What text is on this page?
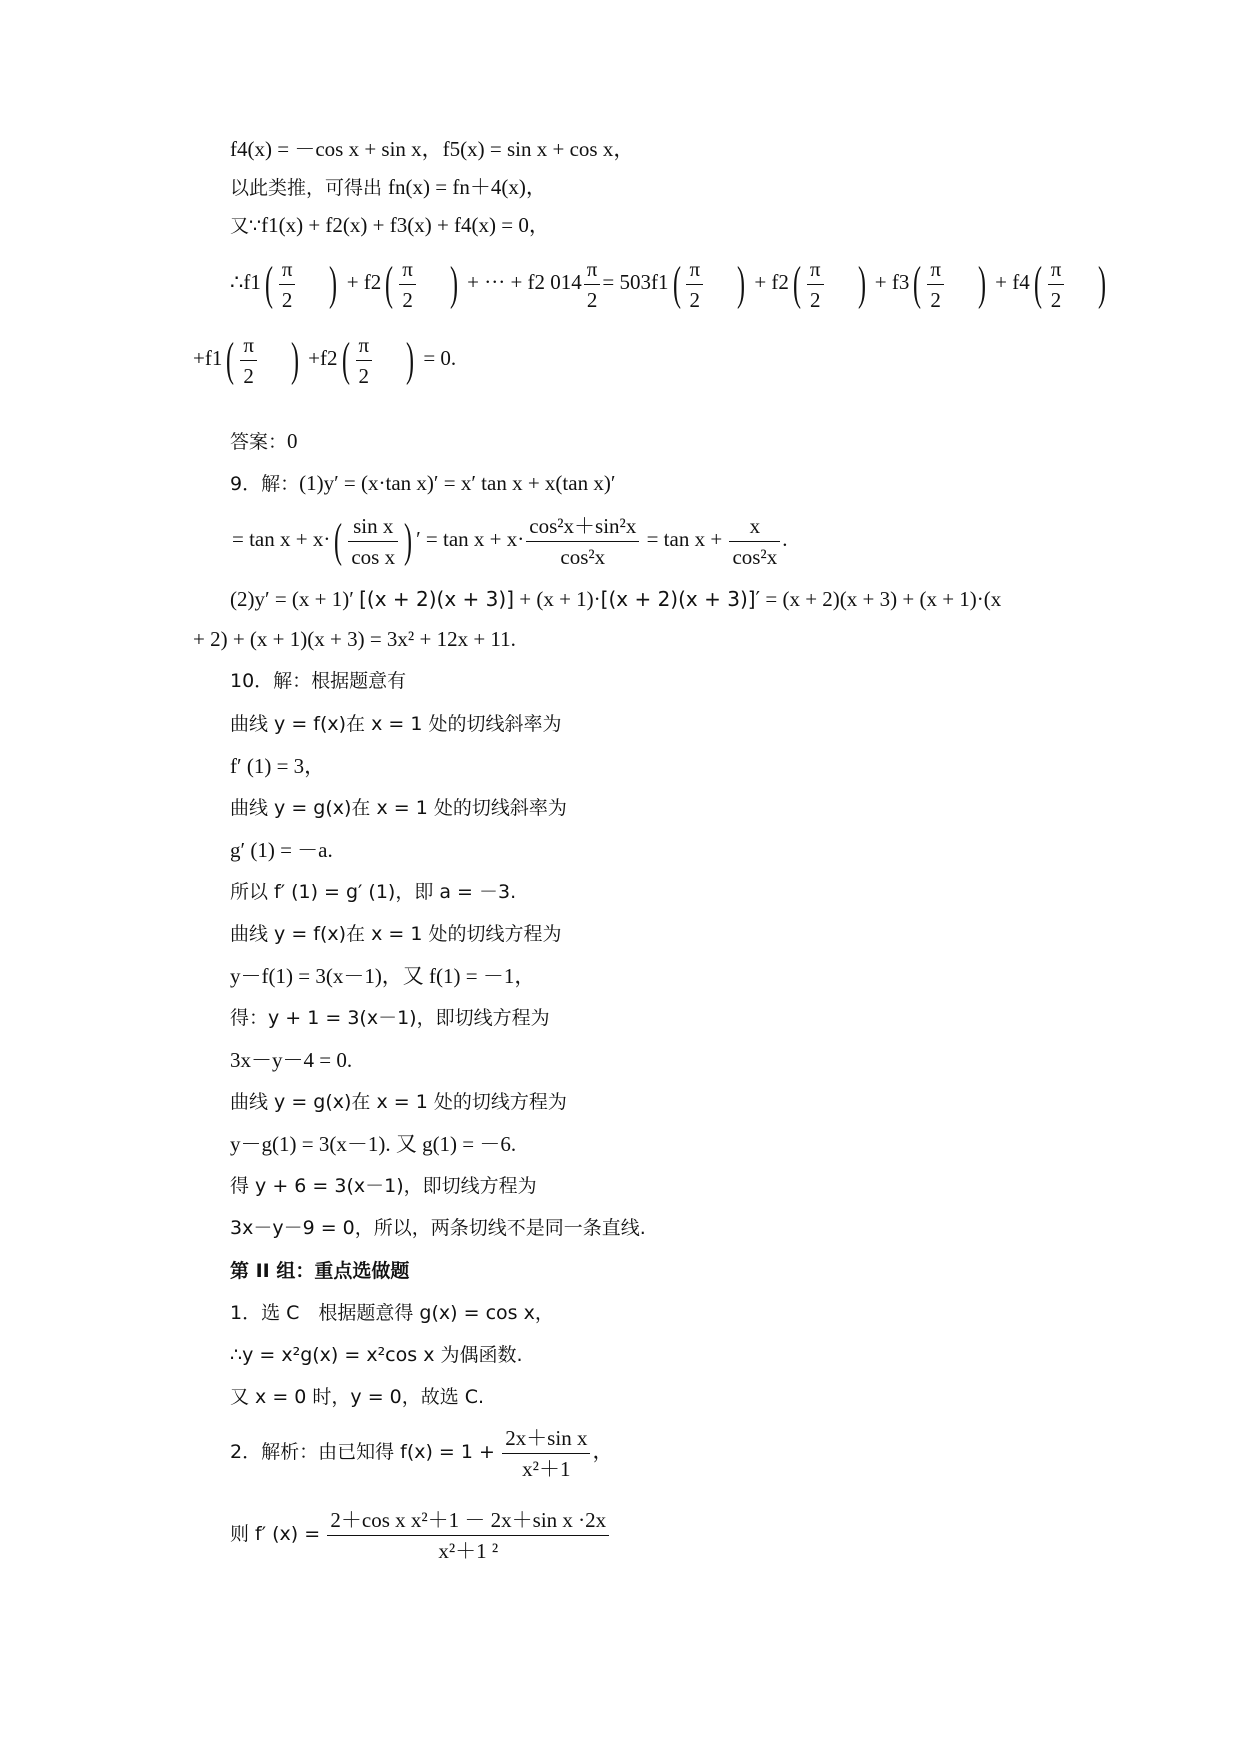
f4(x) = －cos x + sin x，f5(x) = sin x + cos x，
以此类推，可得出 fn(x) = fn＋4(x)，
又∵f1(x) + f2(x) + f3(x) + f4(x) = 0，
∴f1( $\frac{\pi}{2}$ ) + $f2( \frac{\pi}{2}$ ) + ··· + f2 $014 \frac{\pi}{2} = 503f1( \frac{\pi}{2}$ ) + $f2( \frac{\pi}{2}$ ) + $f3( \frac{\pi}{2}$ ) + $f4( \frac{\pi}{2}$ )
$+f1( \frac{\pi}{2}$ ) $+f2( \frac{\pi}{2}$ ) = 0.
答案：0
9．解：(1)y′ = (x·tan x)′ = x′ tan x + x(tan x)′
= $\tan x + x\cdot( \frac{\text{sin x}}{\text{cos x}}$ ) ′ = $\tan x + x\cdot \frac{\text{cos²x＋sin²x}}{\text{cos²x}} = \tan x + \frac{x}{\text{cos²x}}$ .
(2)y′ = (x + 1)′ [(x + 2)(x + 3)] + (x + 1)·[(x + 2)(x + 3)]′ = (x + 2)(x + 3) + (x + 1)·(x
+ 2) + (x + 1)(x + 3) = 3x² + 12x + 11.
10．解：根据题意有
曲线 y = f(x)在 x = 1 处的切线斜率为
f′ (1) = 3，
曲线 y = g(x)在 x = 1 处的切线斜率为
g′ (1) = －a.
所以 f′ (1) = g′ (1)，即 a = －3.
曲线 y = f(x)在 x = 1 处的切线方程为
y－f(1) = 3(x－1)，又 f(1) = －1，
得：y + 1 = 3(x－1)，即切线方程为
3x－y－4 = 0.
曲线 y = g(x)在 x = 1 处的切线方程为
y－g(1) = 3(x－1). 又 g(1) = －6.
得 y + 6 = 3(x－1)，即切线方程为
3x－y－9 = 0，所以，两条切线不是同一条直线.
第 II 组：重点选做题
1．选 C　根据题意得 g(x) = cos x，
∴y = x²g(x) = x²cos x 为偶函数.
又 x = 0 时，y = 0，故选 C.
2．解析：由已知得 $f(x) = 1 + \frac{\text{2x＋sin x}}{\text{x²＋1}}$ ，
则 f′ $(x) = \frac{\text{2＋cos x x²＋1 － 2x＋sin x ·2x}}{\text{x²＋1 ²}}$
